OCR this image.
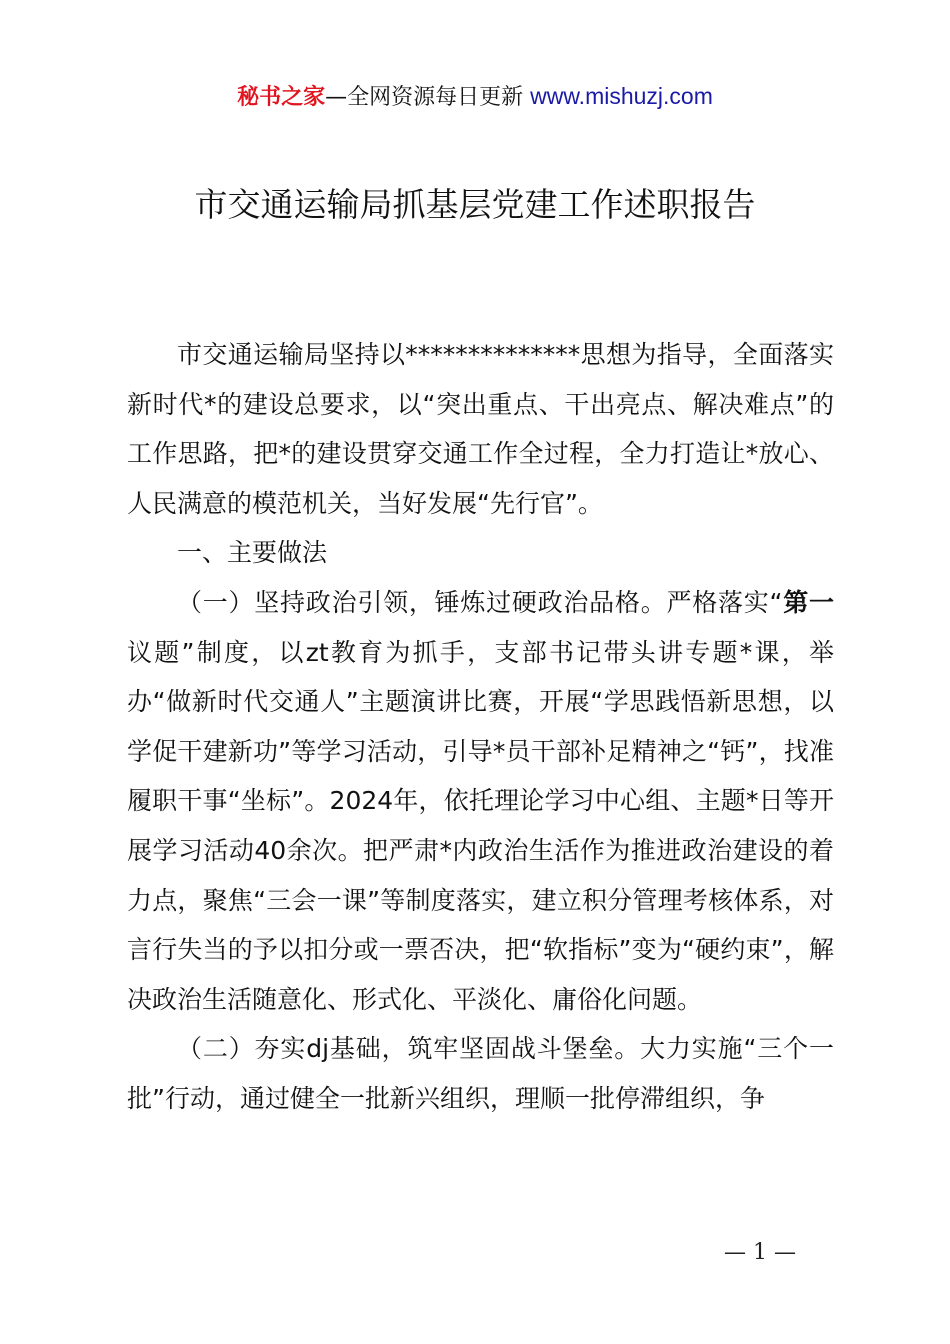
秘书之家—全网资源每日更新 www.mishuzj.com
市交通运输局抓基层党建工作述职报告

市交通运输局坚持以**************思想为指导，全面落实新时代*的建设总要求，以“突出重点、干出亮点、解决难点”的工作思路，把*的建设贯穿交通工作全过程，全力打造让*放心、人民满意的模范机关，当好发展“先行官”。

一、主要做法

（一）坚持政治引领，锤炼过硬政治品格。严格落实“第一议题”制度，以zt教育为抓手，支部书记带头讲专题*课，举办“做新时代交通人”主题演讲比赛，开展“学思践悟新思想，以学促干建新功”等学习活动，引导*员干部补足精神之“钙”，找准履职干事“坐标”。2024年，依托理论学习中心组、主题*日等开展学习活动40余次。把严肃*内政治生活作为推进政治建设的着力点，聚焦“三会一课”等制度落实，建立积分管理考核体系，对言行失当的予以扣分或一票否决，把“软指标”变为“硬约束”，解决政治生活随意化、形式化、平淡化、庸俗化问题。

（二）夯实dj基础，筑牢坚固战斗堡垒。大力实施“三个一批”行动，通过健全一批新兴组织，理顺一批停滞组织，争

— 1 —
